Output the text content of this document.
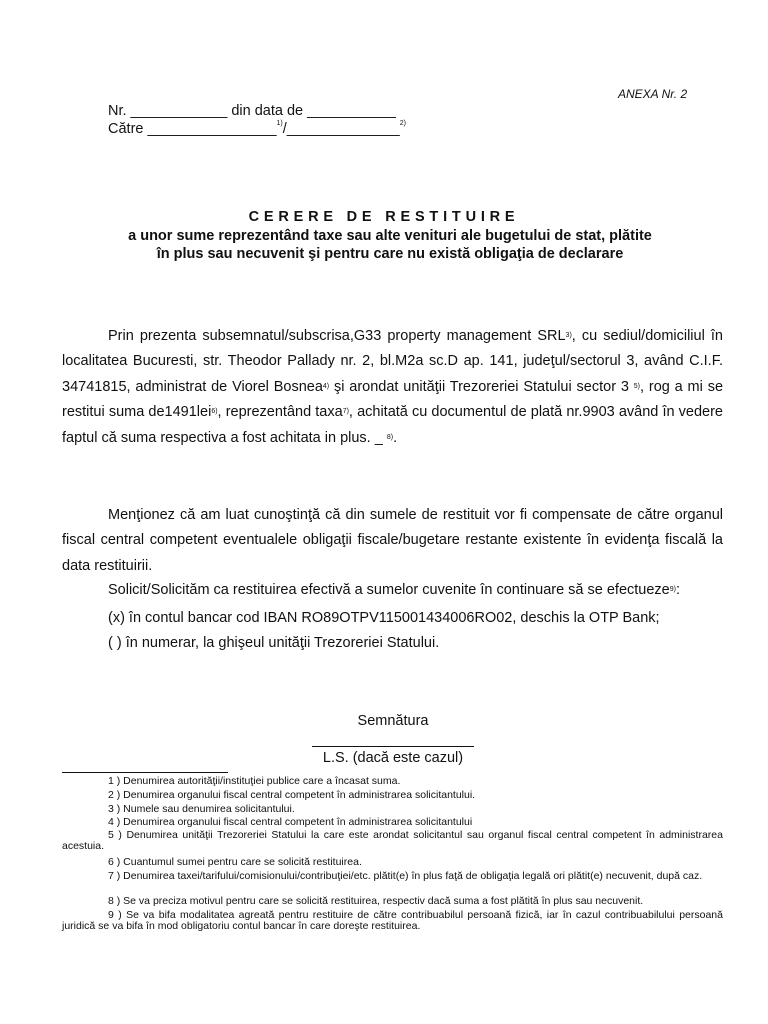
ANEXA Nr. 2
Nr. ____________ din data de ___________
Către ________________$^{1)}$/______________$^{2)}$
CERERE DE RESTITUIRE
a unor sume reprezentând taxe sau alte venituri ale bugetului de stat, plătite
în plus sau necuvenit şi pentru care nu există obligaţia de declarare

Prin prezenta subsemnatul/subscrisa,G33 property management SRL$^{3)}$, cu sediul/domiciliul în localitatea Bucuresti, str. Theodor Pallady nr. 2, bl.M2a sc.D ap. 141, judeţul/sectorul 3, având C.I.F. 34741815, administrat de Viorel Bosnea$^{4)}$ şi arondat unităţii Trezoreriei Statului sector 3 $^{5)}$, rog a mi se restitui suma de1491lei$^{6)}$, reprezentând taxa$^{7)}$, achitată cu documentul de plată nr.9903 având în vedere faptul că suma respectiva a fost achitata in plus. _ $^{8)}$.

Menţionez că am luat cunoştinţă că din sumele de restituit vor fi compensate de către organul fiscal central competent eventualele obligaţii fiscale/bugetare restante existente în evidenţa fiscală la data restituirii.

Solicit/Solicităm ca restituirea efectivă a sumelor cuvenite în continuare să se efectueze$^{9)}$:

(x) în contul bancar cod IBAN RO89OTPV115001434006RO02, deschis la OTP Bank;
( ) în numerar, la ghişeul unităţii Trezoreriei Statului.
Semnătura
L.S. (dacă este cazul)

1 ) Denumirea autorităţii/instituţiei publice care a încasat suma.

2 ) Denumirea organului fiscal central competent în administrarea solicitantului.

3 ) Numele sau denumirea solicitantului.

4 ) Denumirea organului fiscal central competent în administrarea solicitantului

5 ) Denumirea unităţii Trezoreriei Statului la care este arondat solicitantul sau organul fiscal central competent în administrarea acestuia.

6 ) Cuantumul sumei pentru care se solicită restituirea.

7 ) Denumirea taxei/tarifului/comisionului/contribuţiei/etc. plătit(e) în plus faţă de obligaţia legală ori plătit(e) necuvenit, după caz.

8 ) Se va preciza motivul pentru care se solicită restituirea, respectiv dacă suma a fost plătită în plus sau necuvenit.

9 ) Se va bifa modalitatea agreată pentru restituire de către contribuabilul persoană fizică, iar în cazul contribuabilului persoană juridică se va bifa în mod obligatoriu contul bancar în care doreşte restituirea.
